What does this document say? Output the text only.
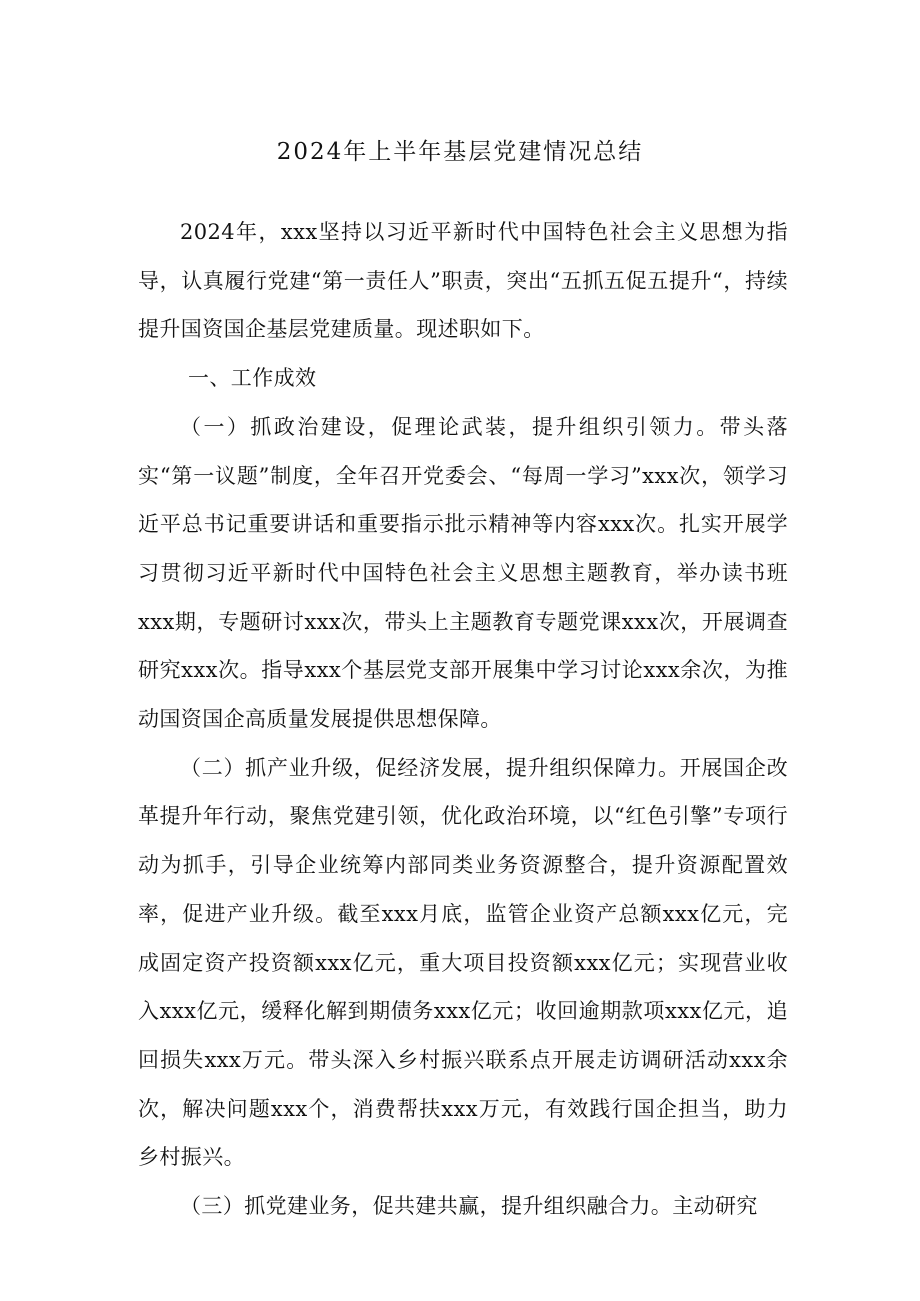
2024年上半年基层党建情况总结

2024年，xxx坚持以习近平新时代中国特色社会主义思想为指导，认真履行党建“第一责任人”职责，突出“五抓五促五提升“，持续提升国资国企基层党建质量。现述职如下。

一、工作成效

（一）抓政治建设，促理论武装，提升组织引领力。带头落实“第一议题”制度，全年召开党委会、“每周一学习”xxx次，领学习近平总书记重要讲话和重要指示批示精神等内容xxx次。扎实开展学习贯彻习近平新时代中国特色社会主义思想主题教育，举办读书班xxx期，专题研讨xxx次，带头上主题教育专题党课xxx次，开展调查研究xxx次。指导xxx个基层党支部开展集中学习讨论xxx余次，为推动国资国企高质量发展提供思想保障。

（二）抓产业升级，促经济发展，提升组织保障力。开展国企改革提升年行动，聚焦党建引领，优化政治环境，以“红色引擎”专项行动为抓手，引导企业统筹内部同类业务资源整合，提升资源配置效率，促进产业升级。截至xxx月底，监管企业资产总额xxx亿元，完成固定资产投资额xxx亿元，重大项目投资额xxx亿元；实现营业收入xxx亿元，缓释化解到期债务xxx亿元；收回逾期款项xxx亿元，追回损失xxx万元。带头深入乡村振兴联系点开展走访调研活动xxx余次，解决问题xxx个，消费帮扶xxx万元，有效践行国企担当，助力乡村振兴。

（三）抓党建业务，促共建共赢，提升组织融合力。主动研究
